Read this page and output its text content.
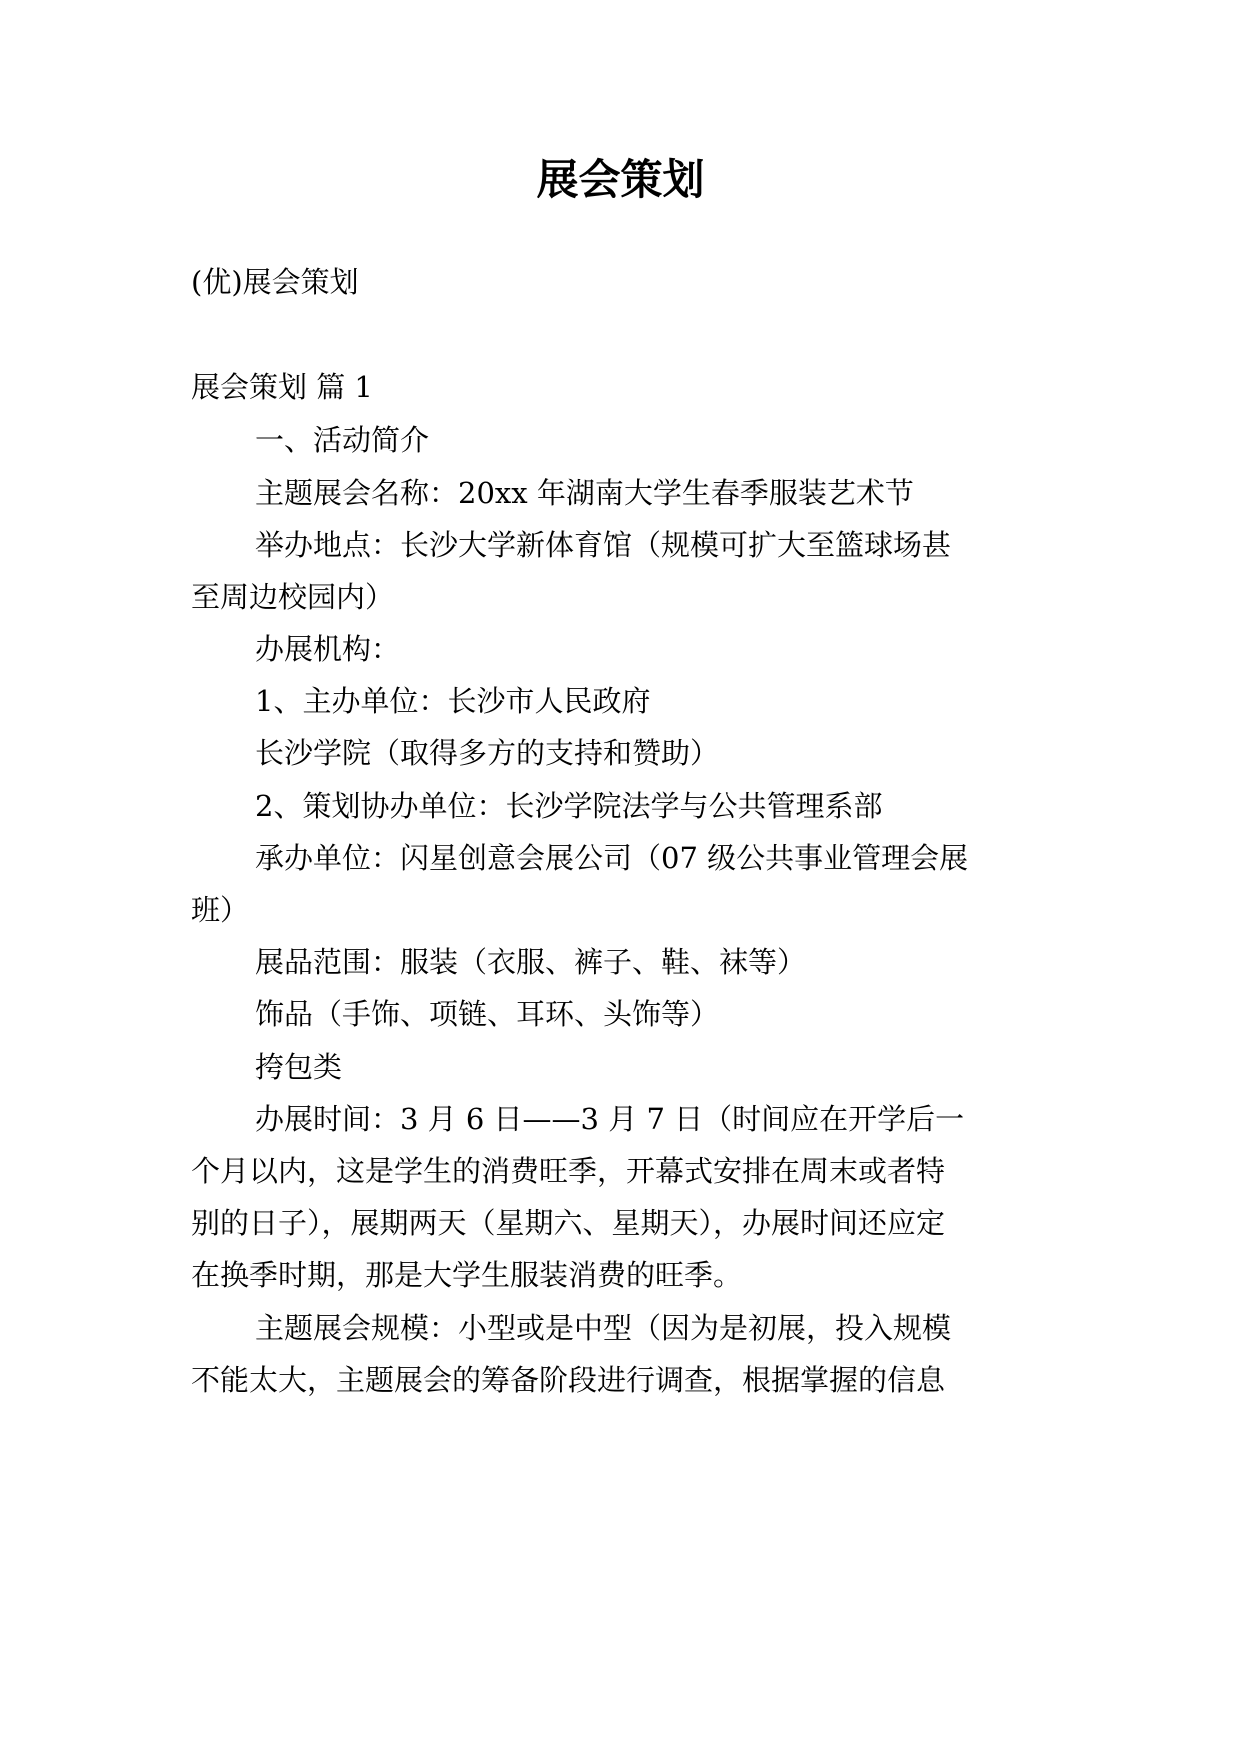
展会策划
(优)展会策划
展会策划 篇 1
一、活动简介
主题展会名称：20xx 年湖南大学生春季服装艺术节
举办地点：长沙大学新体育馆（规模可扩大至篮球场甚
至周边校园内）
办展机构：
1、主办单位：长沙市人民政府
长沙学院（取得多方的支持和赞助）
2、策划协办单位：长沙学院法学与公共管理系部
承办单位：闪星创意会展公司（07 级公共事业管理会展
班）
展品范围：服装（衣服、裤子、鞋、袜等）
饰品（手饰、项链、耳环、头饰等）
挎包类
办展时间：3 月 6 日——3 月 7 日（时间应在开学后一
个月以内，这是学生的消费旺季，开幕式安排在周末或者特
别的日子），展期两天（星期六、星期天），办展时间还应定
在换季时期，那是大学生服装消费的旺季。
主题展会规模：小型或是中型（因为是初展，投入规模
不能太大，主题展会的筹备阶段进行调查，根据掌握的信息
